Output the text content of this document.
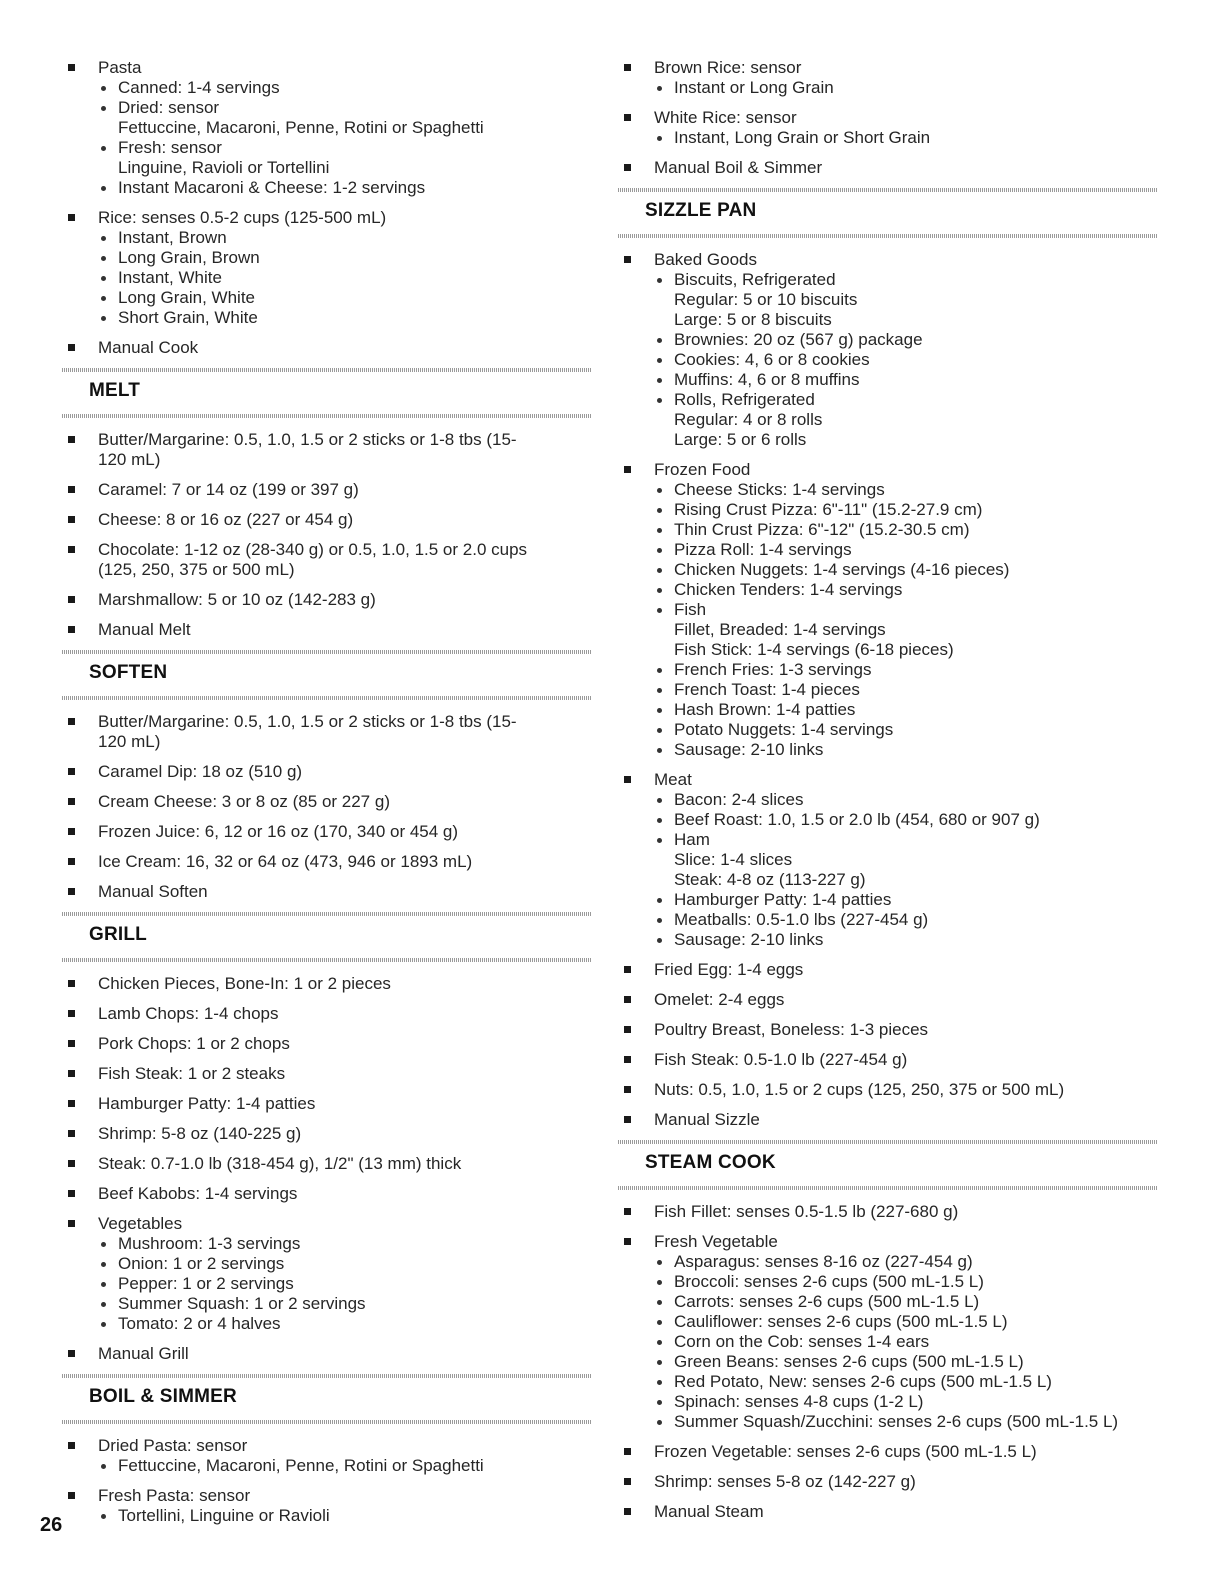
Pasta
Canned: 1-4 servings
Dried: sensor
Fettuccine, Macaroni, Penne, Rotini or Spaghetti
Fresh: sensor
Linguine, Ravioli or Tortellini
Instant Macaroni & Cheese: 1-2 servings
Rice: senses 0.5-2 cups (125-500 mL)
Instant, Brown
Long Grain, Brown
Instant, White
Long Grain, White
Short Grain, White
Manual Cook
MELT
Butter/Margarine: 0.5, 1.0, 1.5 or 2 sticks or 1-8 tbs (15-
120 mL)
Caramel: 7 or 14 oz (199 or 397 g)
Cheese: 8 or 16 oz (227 or 454 g)
Chocolate: 1-12 oz (28-340 g) or 0.5, 1.0, 1.5 or 2.0 cups
(125, 250, 375 or 500 mL)
Marshmallow: 5 or 10 oz (142-283 g)
Manual Melt
SOFTEN
Butter/Margarine: 0.5, 1.0, 1.5 or 2 sticks or 1-8 tbs (15-
120 mL)
Caramel Dip: 18 oz (510 g)
Cream Cheese: 3 or 8 oz (85 or 227 g)
Frozen Juice: 6, 12 or 16 oz (170, 340 or 454 g)
Ice Cream: 16, 32 or 64 oz (473, 946 or 1893 mL)
Manual Soften
GRILL
Chicken Pieces, Bone-In: 1 or 2 pieces
Lamb Chops: 1-4 chops
Pork Chops: 1 or 2 chops
Fish Steak: 1 or 2 steaks
Hamburger Patty: 1-4 patties
Shrimp: 5-8 oz (140-225 g)
Steak: 0.7-1.0 lb (318-454 g), 1/2" (13 mm) thick
Beef Kabobs: 1-4 servings
Vegetables
Mushroom: 1-3 servings
Onion: 1 or 2 servings
Pepper: 1 or 2 servings
Summer Squash: 1 or 2 servings
Tomato: 2 or 4 halves
Manual Grill
BOIL & SIMMER
Dried Pasta: sensor
Fettuccine, Macaroni, Penne, Rotini or Spaghetti
Fresh Pasta: sensor
Tortellini, Linguine or Ravioli
Brown Rice: sensor
Instant or Long Grain
White Rice: sensor
Instant, Long Grain or Short Grain
Manual Boil & Simmer
SIZZLE PAN
Baked Goods
Biscuits, Refrigerated
Regular: 5 or 10 biscuits
Large: 5 or 8 biscuits
Brownies: 20 oz (567 g) package
Cookies: 4, 6 or 8 cookies
Muffins: 4, 6 or 8 muffins
Rolls, Refrigerated
Regular: 4 or 8 rolls
Large: 5 or 6 rolls
Frozen Food
Cheese Sticks: 1-4 servings
Rising Crust Pizza: 6"-11" (15.2-27.9 cm)
Thin Crust Pizza: 6"-12" (15.2-30.5 cm)
Pizza Roll: 1-4 servings
Chicken Nuggets: 1-4 servings (4-16 pieces)
Chicken Tenders: 1-4 servings
Fish
Fillet, Breaded: 1-4 servings
Fish Stick: 1-4 servings (6-18 pieces)
French Fries: 1-3 servings
French Toast: 1-4 pieces
Hash Brown: 1-4 patties
Potato Nuggets: 1-4 servings
Sausage: 2-10 links
Meat
Bacon: 2-4 slices
Beef Roast: 1.0, 1.5 or 2.0 lb (454, 680 or 907 g)
Ham
Slice: 1-4 slices
Steak: 4-8 oz (113-227 g)
Hamburger Patty: 1-4 patties
Meatballs: 0.5-1.0 lbs (227-454 g)
Sausage: 2-10 links
Fried Egg: 1-4 eggs
Omelet: 2-4 eggs
Poultry Breast, Boneless: 1-3 pieces
Fish Steak: 0.5-1.0 lb (227-454 g)
Nuts: 0.5, 1.0, 1.5 or 2 cups (125, 250, 375 or 500 mL)
Manual Sizzle
STEAM COOK
Fish Fillet: senses 0.5-1.5 lb (227-680 g)
Fresh Vegetable
Asparagus: senses 8-16 oz (227-454 g)
Broccoli: senses 2-6 cups (500 mL-1.5 L)
Carrots: senses 2-6 cups (500 mL-1.5 L)
Cauliflower: senses 2-6 cups (500 mL-1.5 L)
Corn on the Cob: senses 1-4 ears
Green Beans: senses 2-6 cups (500 mL-1.5 L)
Red Potato, New: senses 2-6 cups (500 mL-1.5 L)
Spinach: senses 4-8 cups (1-2 L)
Summer Squash/Zucchini: senses 2-6 cups (500 mL-1.5 L)
Frozen Vegetable: senses 2-6 cups (500 mL-1.5 L)
Shrimp: senses 5-8 oz (142-227 g)
Manual Steam
26
